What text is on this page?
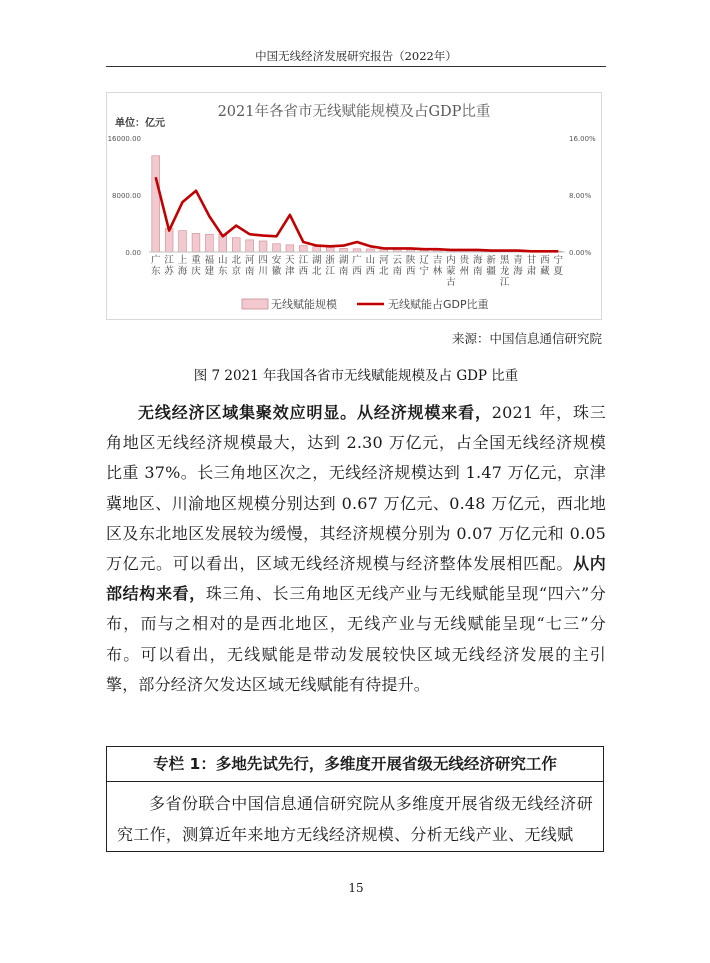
中国无线经济发展研究报告（2022年）
2021年各省市无线赋能规模及占GDP比重
单位：亿元
16000.00
8000.00
0.00
16.00%
8.00%
0.00%
广东
江苏
上海
重庆
福建
山东
北京
河南
四川
安徽
天津
江西
湖北
浙江
湖南
广西
山西
河北
云南
陕西
辽宁
吉林
内蒙古
贵州
海南
新疆
黑龙江
青海
甘肃
西藏
宁夏
无线赋能规模	无线赋能占GDP比重
来源：中国信息通信研究院
图 7 2021 年我国各省市无线赋能规模及占 GDP 比重

无线经济区域集聚效应明显。从经济规模来看，2021 年，珠三角地区无线经济规模最大，达到 2.30 万亿元，占全国无线经济规模比重 37%。长三角地区次之，无线经济规模达到 1.47 万亿元，京津冀地区、川渝地区规模分别达到 0.67 万亿元、0.48 万亿元，西北地区及东北地区发展较为缓慢，其经济规模分别为 0.07 万亿元和 0.05 万亿元。可以看出，区域无线经济规模与经济整体发展相匹配。从内部结构来看，珠三角、长三角地区无线产业与无线赋能呈现“四六”分布，而与之相对的是西北地区，无线产业与无线赋能呈现“七三”分布。可以看出，无线赋能是带动发展较快区域无线经济发展的主引擎，部分经济欠发达区域无线赋能有待提升。

专栏 1：多地先试先行，多维度开展省级无线经济研究工作
多省份联合中国信息通信研究院从多维度开展省级无线经济研究工作，测算近年来地方无线经济规模、分析无线产业、无线赋
15
